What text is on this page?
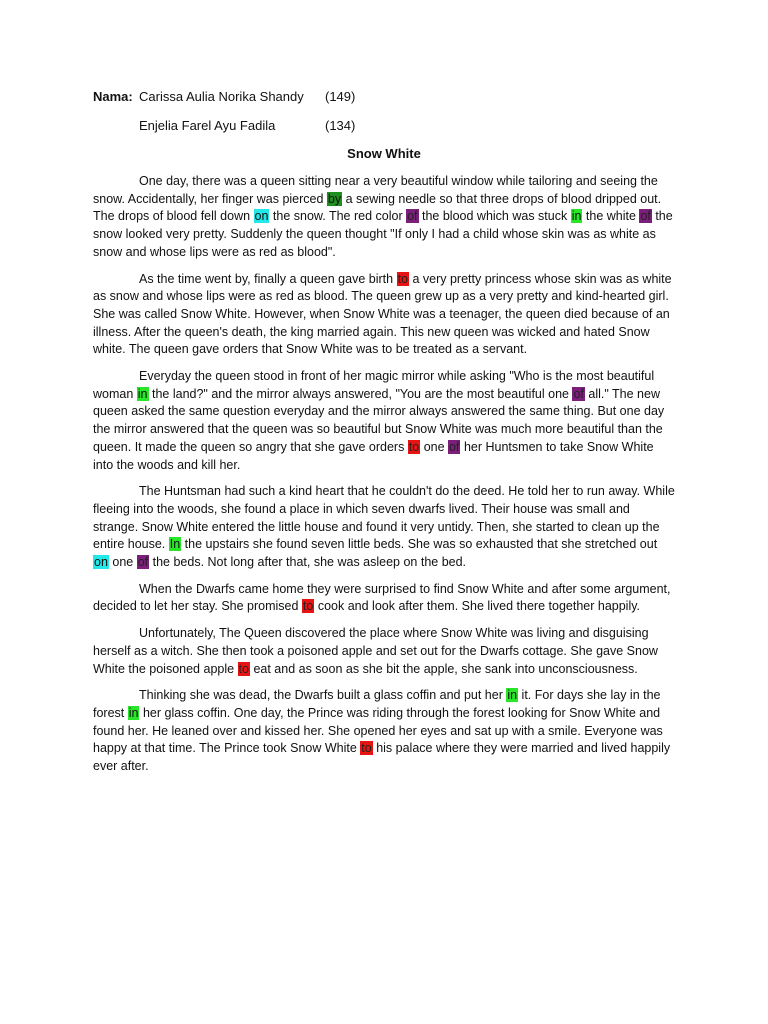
Nama: Carissa Aulia Norika Shandy	(149)
Enjelia Farel Ayu Fadila	(134)
Snow White

One day, there was a queen sitting near a very beautiful window while tailoring and seeing the snow. Accidentally, her finger was pierced by a sewing needle so that three drops of blood dripped out. The drops of blood fell down on the snow. The red color of the blood which was stuck in the white of the snow looked very pretty. Suddenly the queen thought "If only I had a child whose skin was as white as snow and whose lips were as red as blood".

As the time went by, finally a queen gave birth to a very pretty princess whose skin was as white as snow and whose lips were as red as blood. The queen grew up as a very pretty and kind-hearted girl. She was called Snow White. However, when Snow White was a teenager, the queen died because of an illness. After the queen's death, the king married again. This new queen was wicked and hated Snow white. The queen gave orders that Snow White was to be treated as a servant.

Everyday the queen stood in front of her magic mirror while asking "Who is the most beautiful woman in the land?" and the mirror always answered, "You are the most beautiful one of all." The new queen asked the same question everyday and the mirror always answered the same thing. But one day the mirror answered that the queen was so beautiful but Snow White was much more beautiful than the queen. It made the queen so angry that she gave orders to one of her Huntsmen to take Snow White into the woods and kill her.

The Huntsman had such a kind heart that he couldn't do the deed. He told her to run away. While fleeing into the woods, she found a place in which seven dwarfs lived. Their house was small and strange. Snow White entered the little house and found it very untidy. Then, she started to clean up the entire house. In the upstairs she found seven little beds. She was so exhausted that she stretched out on one of the beds. Not long after that, she was asleep on the bed.

When the Dwarfs came home they were surprised to find Snow White and after some argument, decided to let her stay. She promised to cook and look after them. She lived there together happily.

Unfortunately, The Queen discovered the place where Snow White was living and disguising herself as a witch. She then took a poisoned apple and set out for the Dwarfs cottage. She gave Snow White the poisoned apple to eat and as soon as she bit the apple, she sank into unconsciousness.

Thinking she was dead, the Dwarfs built a glass coffin and put her in it. For days she lay in the forest in her glass coffin. One day, the Prince was riding through the forest looking for Snow White and found her. He leaned over and kissed her. She opened her eyes and sat up with a smile. Everyone was happy at that time. The Prince took Snow White to his palace where they were married and lived happily ever after.
